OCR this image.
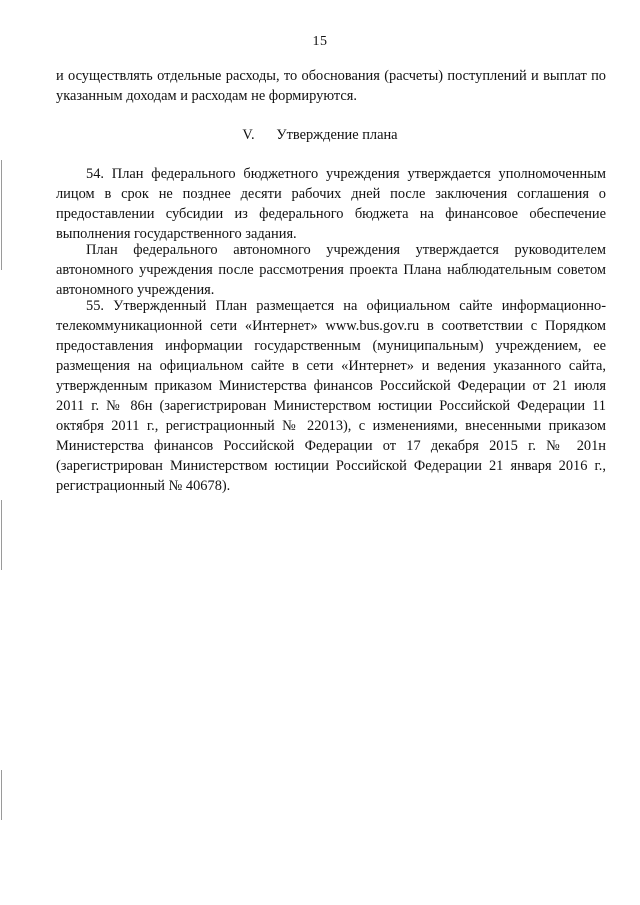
15
и осуществлять отдельные расходы, то обоснования (расчеты) поступлений и выплат по указанным доходам и расходам не формируются.
V. Утверждение плана
54. План федерального бюджетного учреждения утверждается уполномоченным лицом в срок не позднее десяти рабочих дней после заключения соглашения о предоставлении субсидии из федерального бюджета на финансовое обеспечение выполнения государственного задания.
План федерального автономного учреждения утверждается руководителем автономного учреждения после рассмотрения проекта Плана наблюдательным советом автономного учреждения.
55. Утвержденный План размещается на официальном сайте информационно-телекоммуникационной сети «Интернет» www.bus.gov.ru в соответствии с Порядком предоставления информации государственным (муниципальным) учреждением, ее размещения на официальном сайте в сети «Интернет» и ведения указанного сайта, утвержденным приказом Министерства финансов Российской Федерации от 21 июля 2011 г. № 86н (зарегистрирован Министерством юстиции Российской Федерации 11 октября 2011 г., регистрационный № 22013), с изменениями, внесенными приказом Министерства финансов Российской Федерации от 17 декабря 2015 г. № 201н (зарегистрирован Министерством юстиции Российской Федерации 21 января 2016 г., регистрационный № 40678).
